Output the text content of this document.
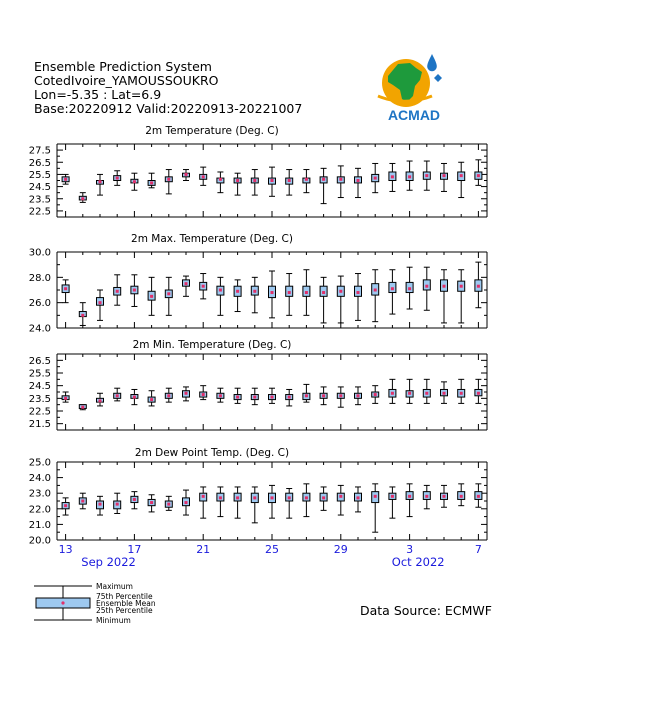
Ensemble Prediction System
CotedIvoire_YAMOUSSOUKRO
Lon=-5.35 : Lat=6.9
Base:20220912 Valid:20220913-20221007	ACMAD
2m Temperature (Deg. C)
22.5
23.5
24.5
25.5
26.5
27.5
2m Max. Temperature (Deg. C)
24.0
26.0
28.0
30.0
2m Min. Temperature (Deg. C)
21.5
22.5
23.5
24.5
25.5
26.5
2m Dew Point Temp. (Deg. C)
20.0
21.0
22.0
23.0
24.0
25.0
13	17	21	25	29	3	7
Sep 2022	Oct 2022
Maximum
75th Percentile
Ensemble Mean
25th Percentile
Minimum
Data Source: ECMWF
